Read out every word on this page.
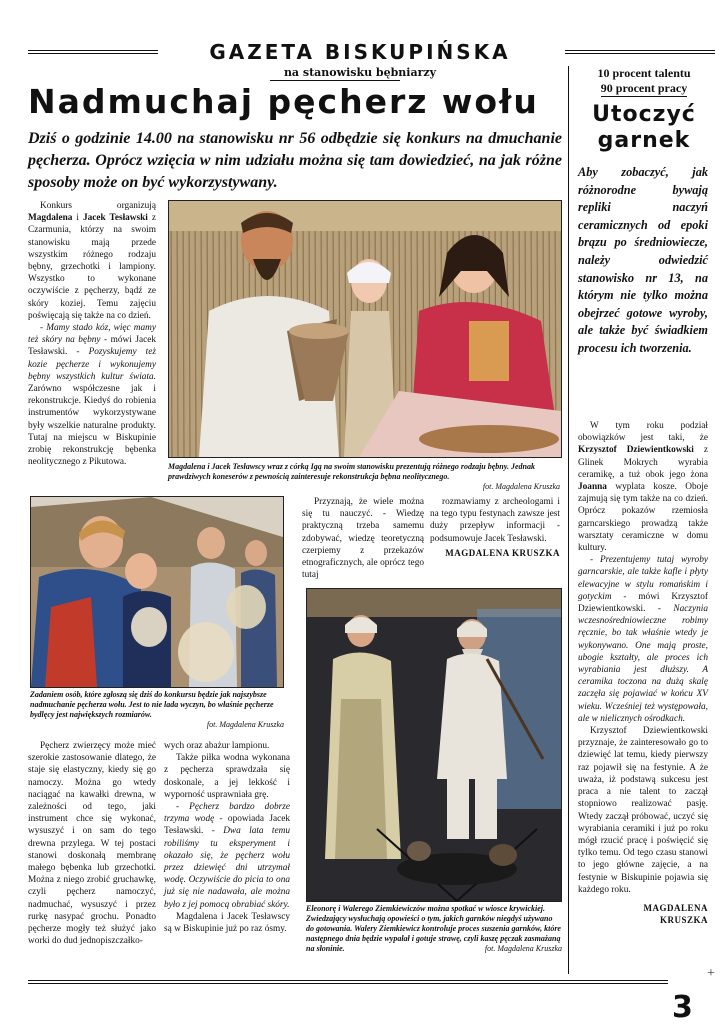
GAZETA BISKUPIŃSKA
na stanowisku bębniarzy
Nadmuchaj pęcherz wołu
Dziś o godzinie 14.00 na stanowisku nr 56 odbędzie się konkurs na dmuchanie pęcherza. Oprócz wzięcia w nim udziału można się tam dowiedzieć, na jak różne sposoby może on być wykorzystywany.

Konkurs organizują Magdalena i Jacek Tesławski z Czarmunia, którzy na swoim stanowisku mają przede wszystkim różnego rodzaju bębny, grzechotki i lampiony. Wszystko to wykonane oczywiście z pęcherzy, bądź ze skóry koziej. Temu zajęciu poświęcają się także na co dzień.

- Mamy stado kóz, więc mamy też skóry na bębny - mówi Jacek Tesławski. - Pozyskujemy też kozie pęcherze i wykonujemy bębny wszystkich kultur świata. Zarówno współczesne jak i rekonstrukcje. Kiedyś do robienia instrumentów wykorzystywane były wszelkie naturalne produkty. Tutaj na miejscu w Biskupinie zrobię rekonstrukcję bębenka neolitycznego z Pikutowa.	Magdalena i Jacek Tesławscy wraz z córką Igą na swoim stanowisku prezentują różnego rodzaju bębny. Jednak prawdziwych koneserów z pewnością zainteresuje rekonstrukcja bębna neolitycznego.
fot. Magdalena Kruszka
Zadaniem osób, które zgłoszą się dziś do konkursu będzie jak najszybsze nadmuchanie pęcherza wołu. Jest to nie lada wyczyn, bo właśnie pęcherze bydlęcy jest największych rozmiarów.
fot. Magdalena Kruszka

Przyznają, że wiele można się tu nauczyć. - Wiedzę praktyczną trzeba samemu zdobywać, wiedzę teoretyczną czerpiemy z przekazów etnograficznych, ale oprócz tego tutaj

rozmawiamy z archeologami i na tego typu festynach zawsze jest duży przepływ informacji - podsumowuje Jacek Tesławski.

MAGDALENA KRUSZKA
Eleonorę i Walerego Ziemkiewiczów można spotkać w wiosce krywickiej. Zwiedzający wysłuchają opowieści o tym, jakich garnków niegdyś używano do gotowania. Walery Ziemkiewicz kontroluje proces suszenia garnków, które następnego dnia będzie wypalał i gotuje strawę, czyli kaszę pęczak zasmażaną na słoninie.	fot. Magdalena Kruszka

Pęcherz zwierzęcy może mieć szerokie zastosowanie dlatego, że staje się elastyczny, kiedy się go namoczy. Można go wtedy naciągać na kawałki drewna, w zależności od tego, jaki instrument chce się wykonać, wysuszyć i on sam do tego drewna przylega. W tej postaci stanowi doskonałą membranę małego bębenka lub grzechotki. Można z niego zrobić gruchawkę, czyli pęcherz namoczyć, nadmuchać, wysuszyć i przez rurkę nasypać grochu. Ponadto pęcherze mogły też służyć jako worki do dud jednopiszczałko-

wych oraz abażur lampionu.

Także piłka wodna wykonana z pęcherza sprawdzała się doskonale, a jej lekkość i wyporność usprawniała grę.

- Pęcherz bardzo dobrze trzyma wodę - opowiada Jacek Tesławski. - Dwa lata temu robiliśmy tu eksperyment i okazało się, że pęcherz wołu przez dziewięć dni utrzymał wodę. Oczywiście do picia to ona już się nie nadawała, ale można było z jej pomocą obrabiać skóry.

Magdalena i Jacek Tesławscy są w Biskupinie już po raz ósmy.

10 procent talentu
90 procent pracy
Utoczyć garnek
Aby zobaczyć, jak różnorodne bywają repliki naczyń ceramicznych od epoki brązu po średniowiecze, należy odwiedzić stanowisko nr 13, na którym nie tylko można obejrzeć gotowe wyroby, ale także być świadkiem procesu ich tworzenia.

W tym roku podział obowiązków jest taki, że Krzysztof Dziewientkowski z Glinek Mokrych wyrabia ceramikę, a tuż obok jego żona Joanna wyplata kosze. Oboje zajmują się tym także na co dzień. Oprócz pokazów rzemiosła garncarskiego prowadzą także warsztaty ceramiczne w domu kultury.

- Prezentujemy tutaj wyroby garncarskie, ale także kafle i płyty elewacyjne w stylu romańskim i gotyckim - mówi Krzysztof Dziewientkowski. - Naczynia wczesnośredniowieczne robimy ręcznie, bo tak właśnie wtedy je wykonywano. One mają proste, ubogie kształty, ale proces ich wyrabiania jest dłuższy. A ceramika toczona na dużą skalę zaczęła się pojawiać w końcu XV wieku. Wcześniej też występowała, ale w nielicznych ośrodkach.

Krzysztof Dziewientkowski przyznaje, że zainteresowało go to dziewięć lat temu, kiedy pierwszy raz pojawił się na festynie. A że uważa, iż podstawą sukcesu jest praca a nie talent to zaczął stopniowo realizować pasję. Wtedy zaczął próbować, uczyć się wyrabiania ceramiki i już po roku mógł rzucić pracę i poświęcić się tylko temu. Od tego czasu stanowi to jego główne zajęcie, a na festynie w Biskupinie pojawia się każdego roku.

MAGDALENA
KRUSZKA
3
+
